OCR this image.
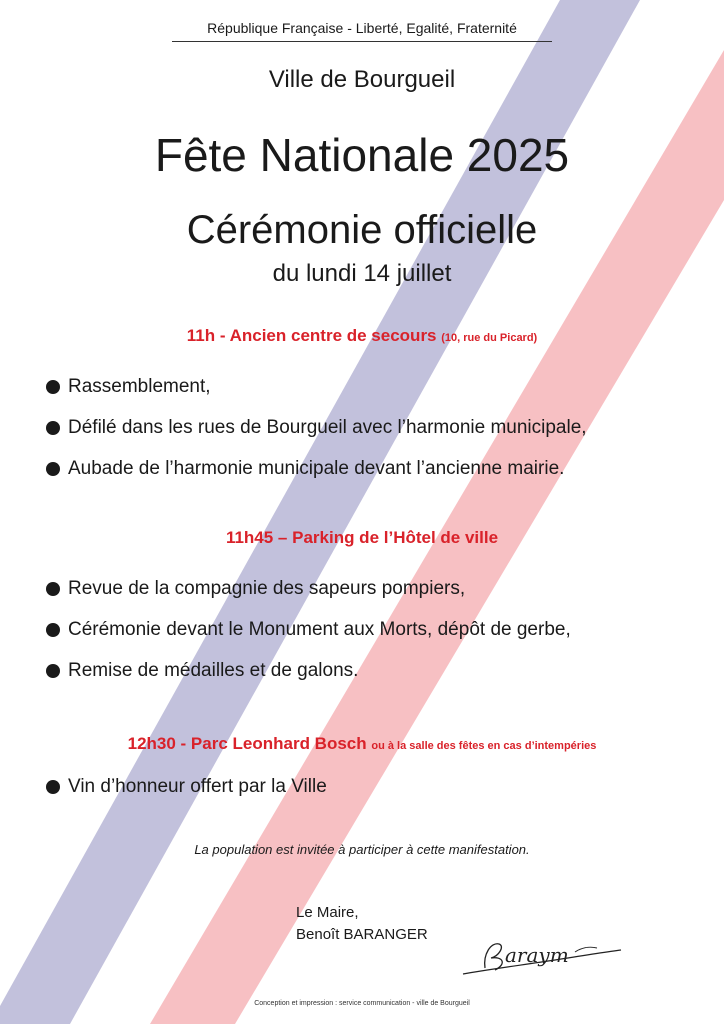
République Française - Liberté, Egalité, Fraternité
Ville de Bourgueil
Fête Nationale 2025
Cérémonie officielle
du lundi 14 juillet
11h - Ancien centre de secours (10, rue du Picard)
Rassemblement,
Défilé dans les rues de Bourgueil avec l’harmonie municipale,
Aubade de l’harmonie municipale devant l’ancienne mairie.
11h45 – Parking de l’Hôtel de ville
Revue de la compagnie des sapeurs pompiers,
Cérémonie devant le Monument aux Morts, dépôt de gerbe,
Remise de médailles et de galons.
12h30 - Parc Leonhard Bosch ou à la salle des fêtes en cas d’intempéries
Vin d’honneur offert par la Ville
La population est invitée à participer à cette manifestation.
Le Maire,
Benoît BARANGER
araym
Conception et impression : service communication - ville de Bourgueil
